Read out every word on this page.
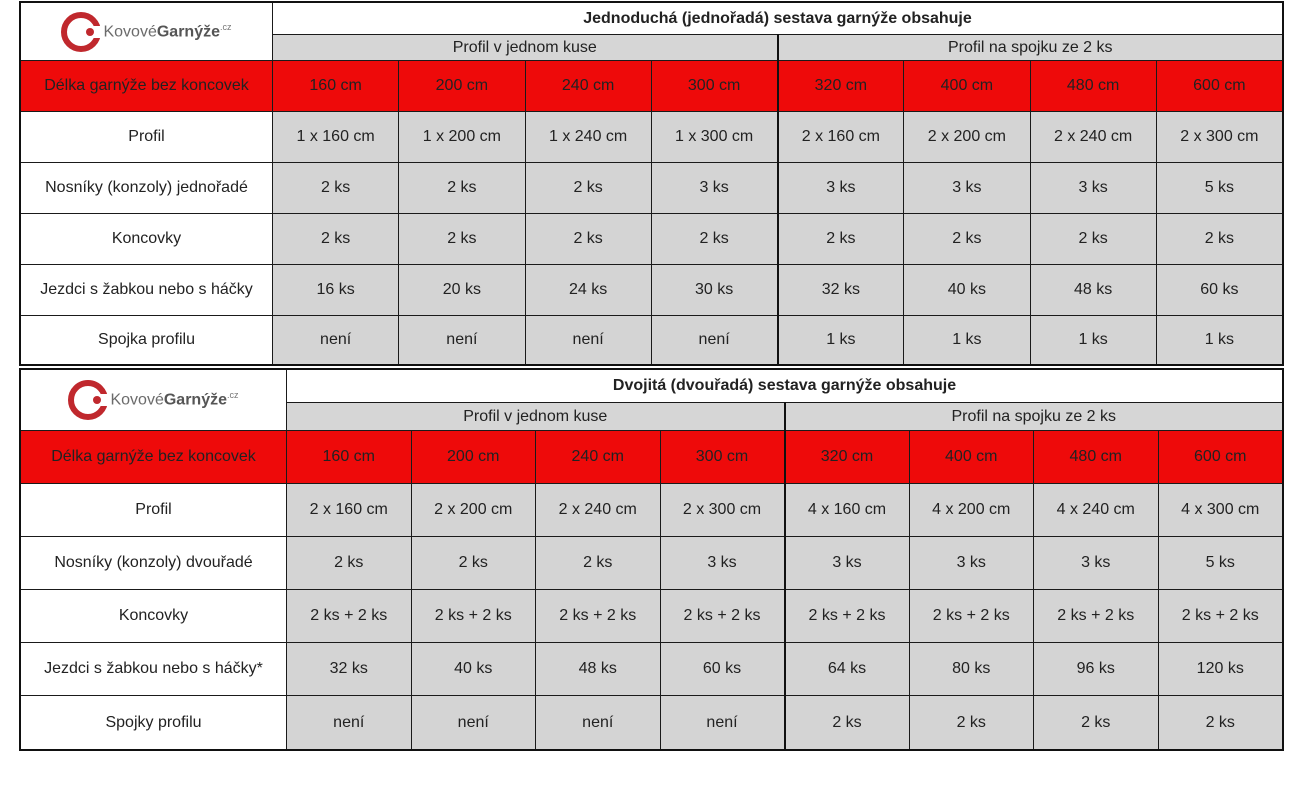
KovovéGarnýže$^{.cz}$	Jednoduchá (jednořadá) sestava garnýže obsahuje							
	Profil v jednom kuse				Profil na spojku ze 2 ks			
Délka garnýže bez koncovek	160 cm	200 cm	240 cm	300 cm	320 cm	400 cm	480 cm	600 cm
Profil	1 x 160 cm	1 x 200 cm	1 x 240 cm	1 x 300 cm	2 x 160 cm	2 x 200 cm	2 x 240 cm	2 x 300 cm
Nosníky (konzoly) jednořadé	2 ks	2 ks	2 ks	3 ks	3 ks	3 ks	3 ks	5 ks
Koncovky	2 ks	2 ks	2 ks	2 ks	2 ks	2 ks	2 ks	2 ks
Jezdci s žabkou nebo s háčky	16 ks	20 ks	24 ks	30 ks	32 ks	40 ks	48 ks	60 ks
Spojka profilu	není	není	není	není	1 ks	1 ks	1 ks	1 ks
KovovéGarnýže$^{.cz}$	Dvojitá (dvouřadá) sestava garnýže obsahuje							
	Profil v jednom kuse				Profil na spojku ze 2 ks			
Délka garnýže bez koncovek	160 cm	200 cm	240 cm	300 cm	320 cm	400 cm	480 cm	600 cm
Profil	2 x 160 cm	2 x 200 cm	2 x 240 cm	2 x 300 cm	4 x 160 cm	4 x 200 cm	4 x 240 cm	4 x 300 cm
Nosníky (konzoly) dvouřadé	2 ks	2 ks	2 ks	3 ks	3 ks	3 ks	3 ks	5 ks
Koncovky	2 ks + 2 ks	2 ks + 2 ks	2 ks + 2 ks	2 ks + 2 ks	2 ks + 2 ks	2 ks + 2 ks	2 ks + 2 ks	2 ks + 2 ks
Jezdci s žabkou nebo s háčky*	32 ks	40 ks	48 ks	60 ks	64 ks	80 ks	96 ks	120 ks
Spojky profilu	není	není	není	není	2 ks	2 ks	2 ks	2 ks
